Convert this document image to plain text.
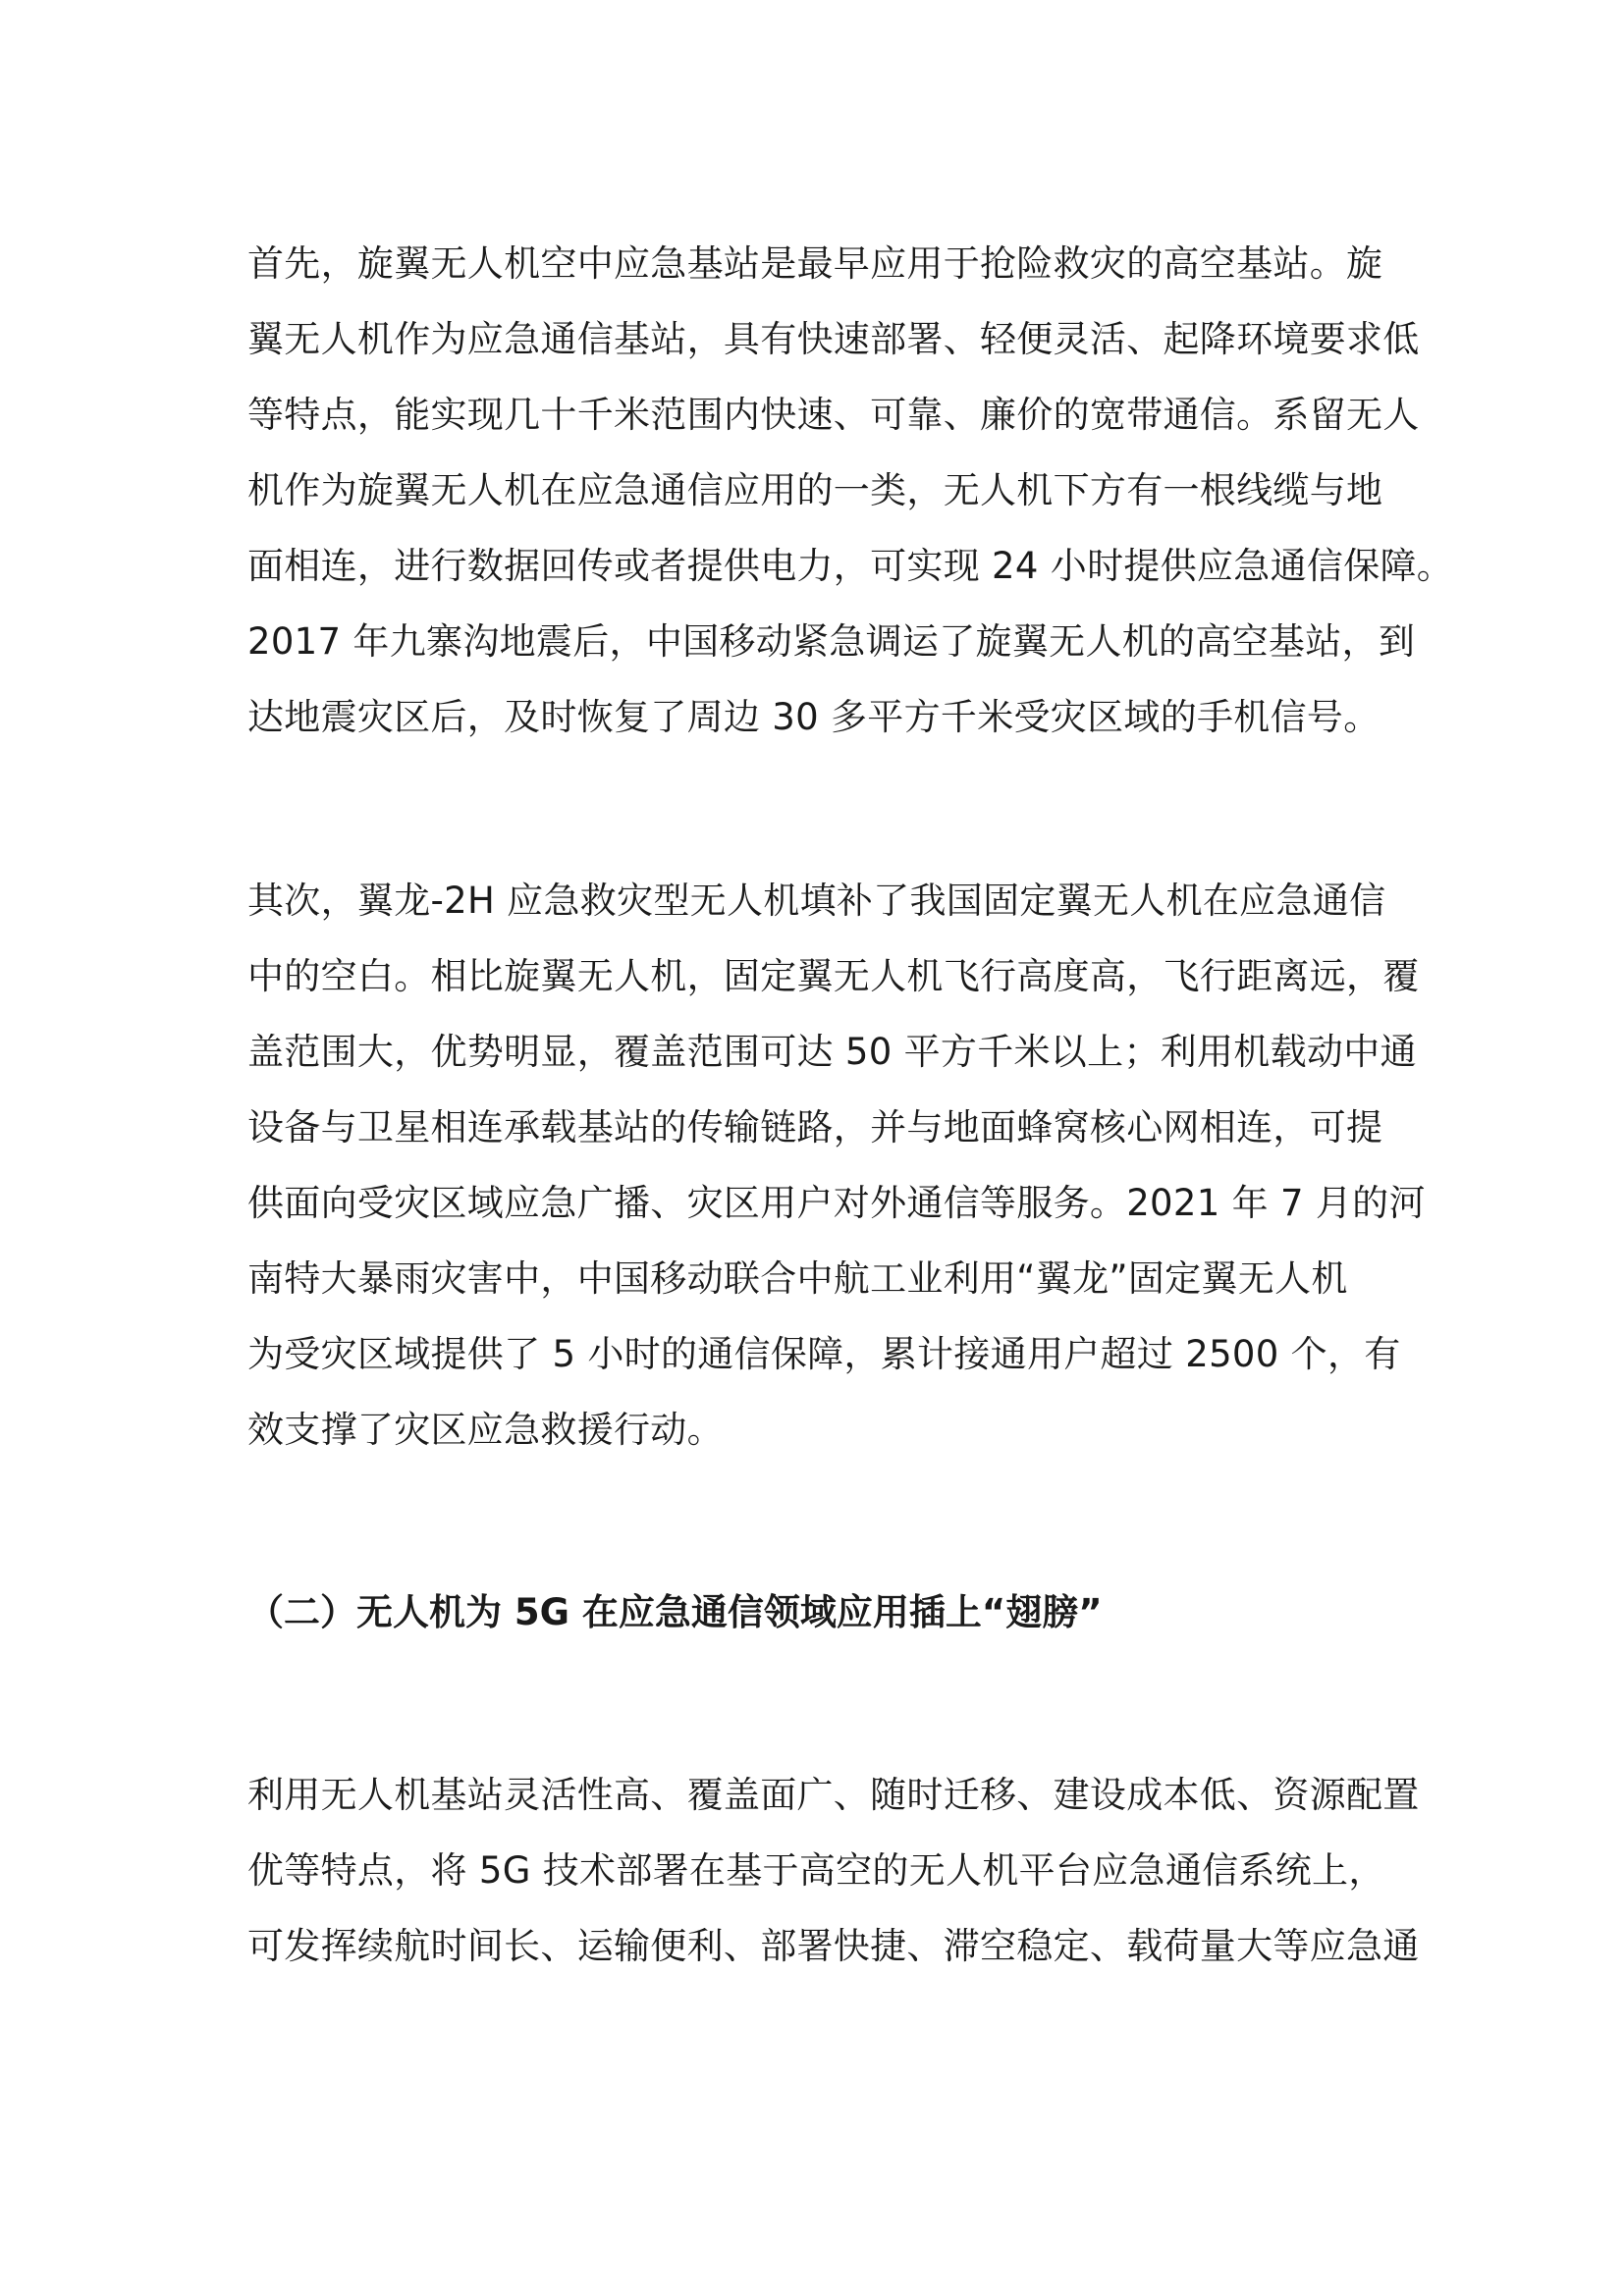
首先，旋翼无人机空中应急基站是最早应用于抢险救灾的高空基站。旋
翼无人机作为应急通信基站，具有快速部署、轻便灵活、起降环境要求低
等特点，能实现几十千米范围内快速、可靠、廉价的宽带通信。系留无人
机作为旋翼无人机在应急通信应用的一类，无人机下方有一根线缆与地
面相连，进行数据回传或者提供电力，可实现 24 小时提供应急通信保障。
2017 年九寨沟地震后，中国移动紧急调运了旋翼无人机的高空基站，到
达地震灾区后，及时恢复了周边 30 多平方千米受灾区域的手机信号。
其次，翼龙-2H 应急救灾型无人机填补了我国固定翼无人机在应急通信
中的空白。相比旋翼无人机，固定翼无人机飞行高度高，飞行距离远，覆
盖范围大，优势明显，覆盖范围可达 50 平方千米以上；利用机载动中通
设备与卫星相连承载基站的传输链路，并与地面蜂窝核心网相连，可提
供面向受灾区域应急广播、灾区用户对外通信等服务。2021 年 7 月的河
南特大暴雨灾害中，中国移动联合中航工业利用“翼龙”固定翼无人机
为受灾区域提供了 5 小时的通信保障，累计接通用户超过 2500 个，有
效支撑了灾区应急救援行动。
（二）无人机为 5G 在应急通信领域应用插上“翅膀”
利用无人机基站灵活性高、覆盖面广、随时迁移、建设成本低、资源配置
优等特点，将 5G 技术部署在基于高空的无人机平台应急通信系统上，
可发挥续航时间长、运输便利、部署快捷、滞空稳定、载荷量大等应急通
